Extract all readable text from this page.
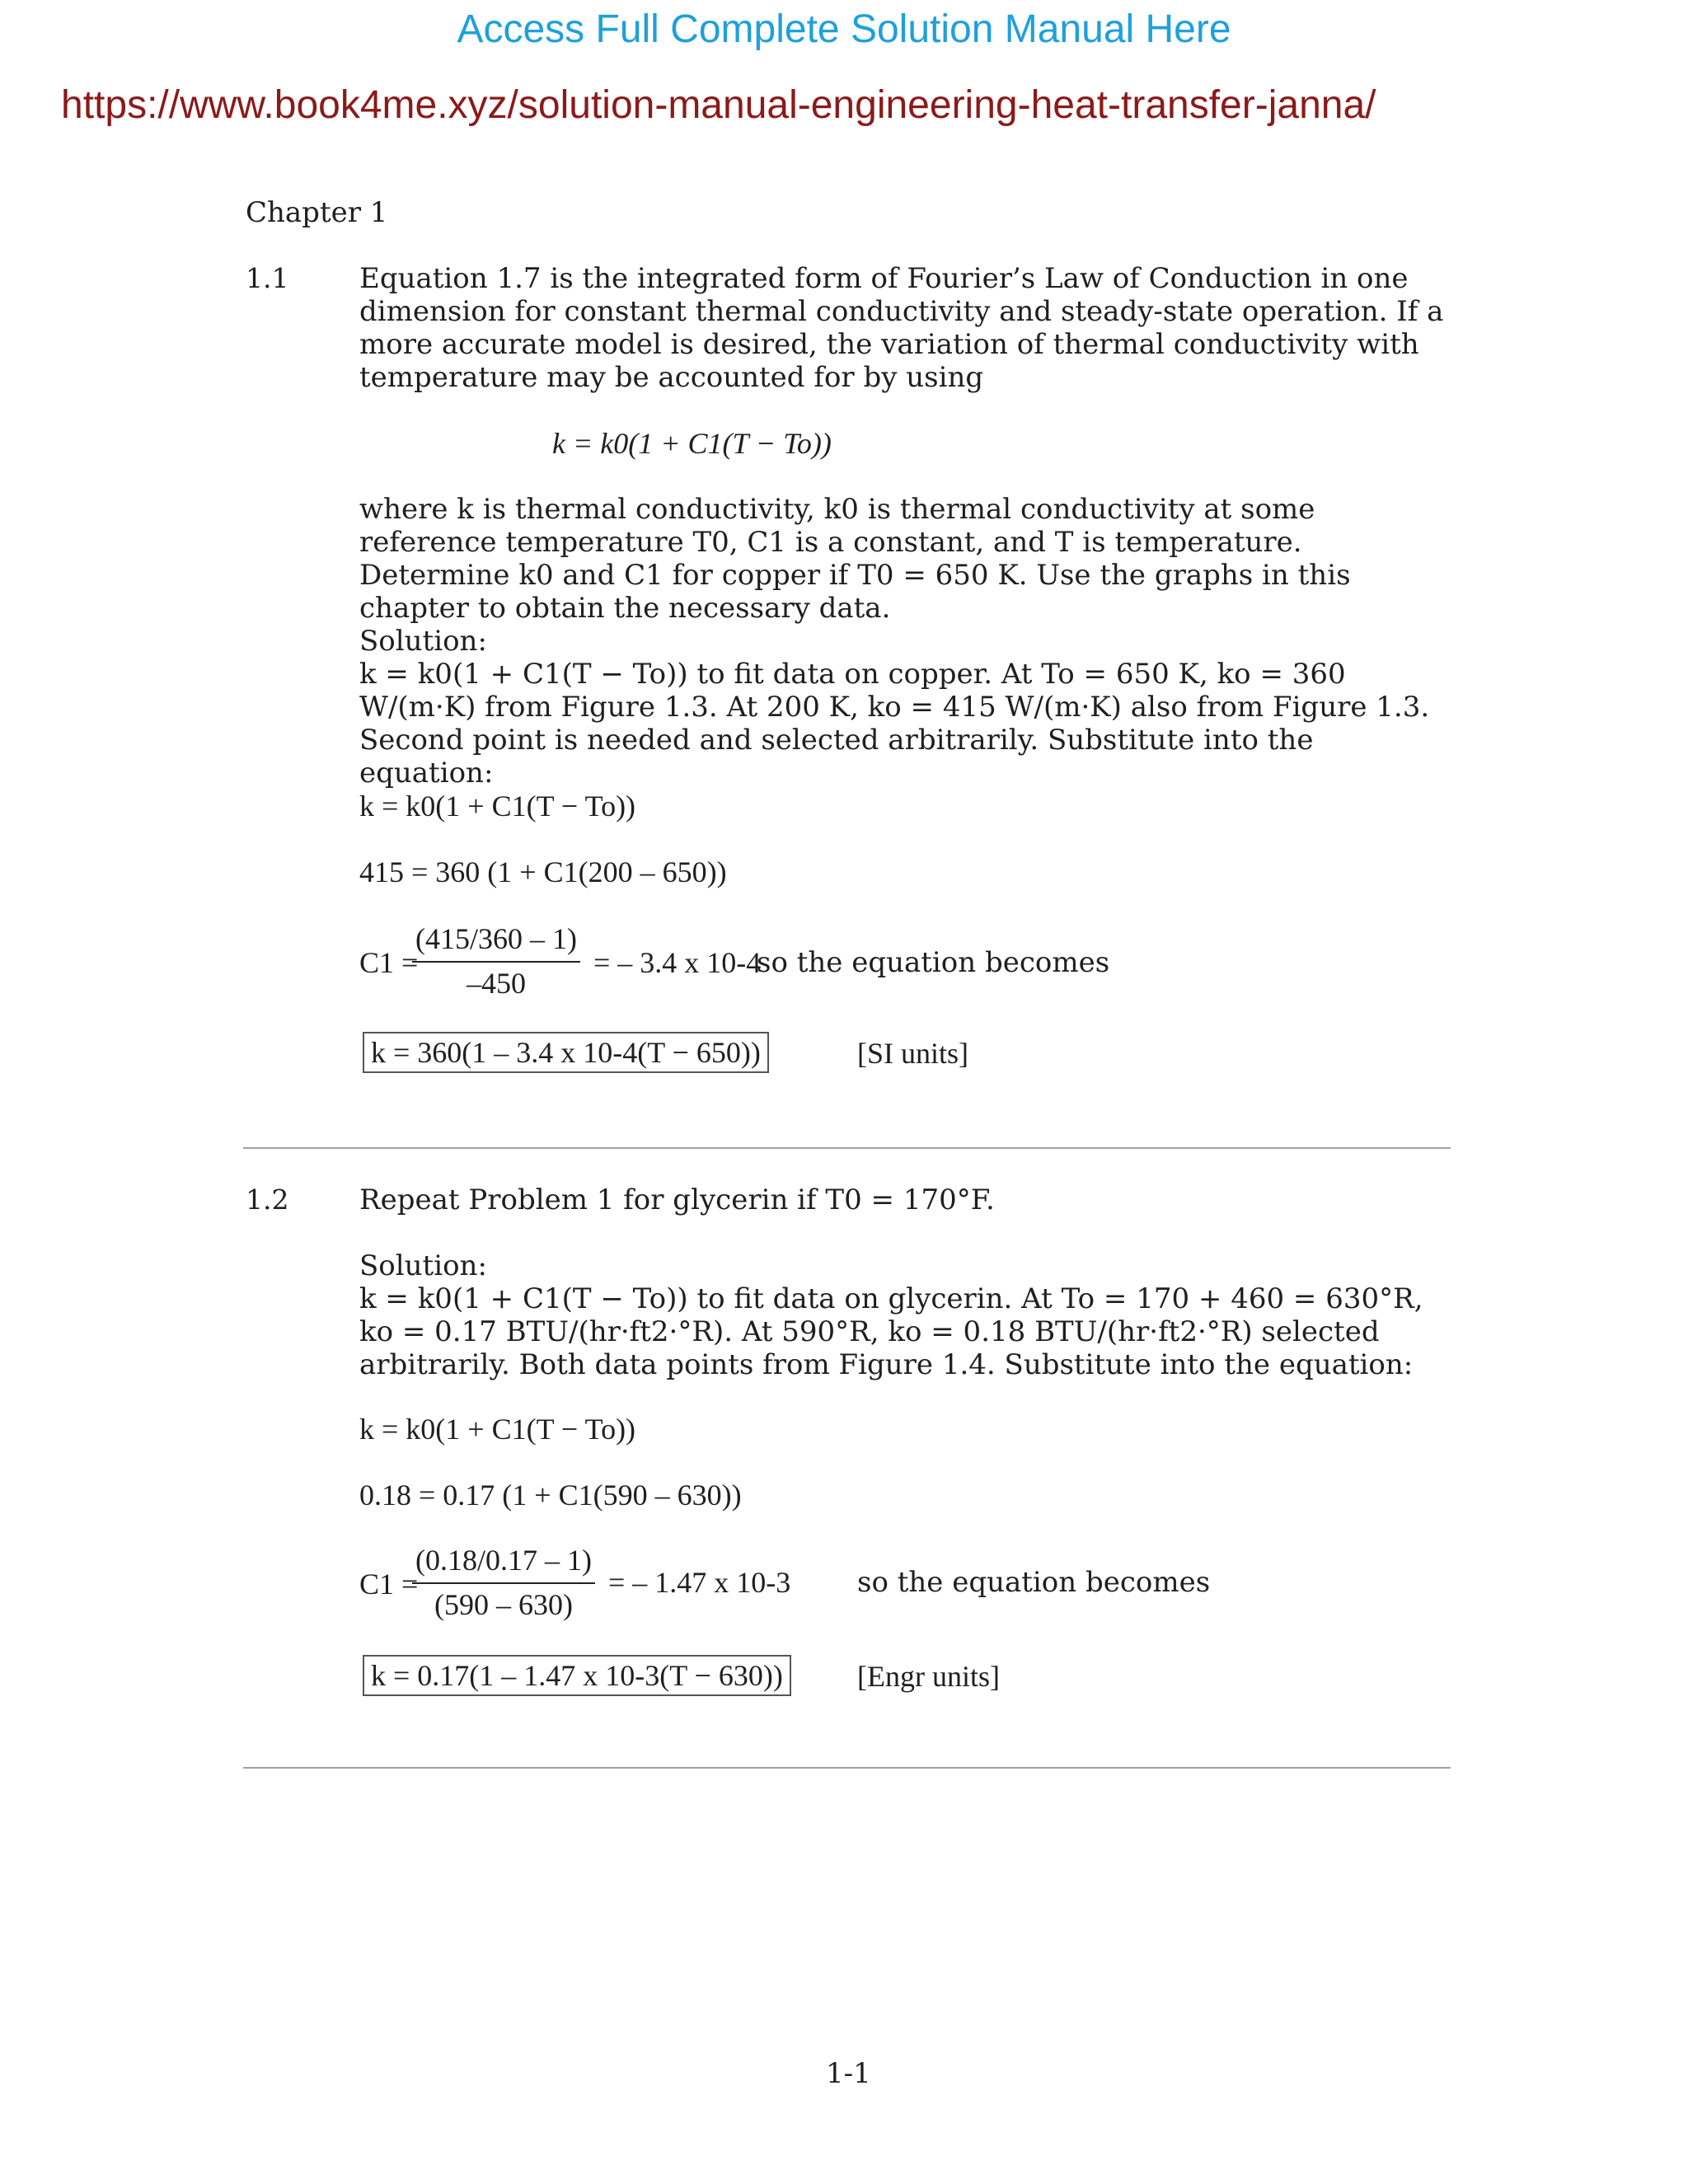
Access Full Complete Solution Manual Here

https://www.book4me.xyz/solution-manual-engineering-heat-transfer-janna/

Chapter 1

1.1	Equation 1.7 is the integrated form of Fourier’s Law of Conduction in one dimension for constant thermal conductivity and steady-state operation. If a more accurate model is desired, the variation of thermal conductivity with temperature may be accounted for by using

k = k0(1 + C1(T − To))

where k is thermal conductivity, k0 is thermal conductivity at some reference temperature T0, C1 is a constant, and T is temperature. Determine k0 and C1 for copper if T0 = 650 K. Use the graphs in this chapter to obtain the necessary data.

Solution:

k = k0(1 + C1(T − To)) to fit data on copper. At To = 650 K, ko = 360 W/(m·K) from Figure 1.3. At 200 K, ko = 415 W/(m·K) also from Figure 1.3. Second point is needed and selected arbitrarily. Substitute into the equation:

k = k0(1 + C1(T − To))

415 = 360 (1 + C1(200 – 650))

C1 =

$\frac{(415/360 - 1)}{-450}$ = – 3.4 x 10-4

so the equation becomes

k = 360(1 – 3.4 x 10-4(T − 650))	[SI units]

1.2	Repeat Problem 1 for glycerin if T0 = 170°F.

Solution:

k = k0(1 + C1(T − To)) to fit data on glycerin. At To = 170 + 460 = 630°R, ko = 0.17 BTU/(hr·ft2·°R). At 590°R, ko = 0.18 BTU/(hr·ft2·°R) selected arbitrarily. Both data points from Figure 1.4. Substitute into the equation:

k = k0(1 + C1(T − To))

0.18 = 0.17 (1 + C1(590 – 630))

C1 =

$\frac{(0.18/0.17 - 1)}{(590 - 630)}$ = – 1.47 x 10-3 so the equation becomes

k = 0.17(1 – 1.47 x 10-3(T − 630))	[Engr units]

1-1
